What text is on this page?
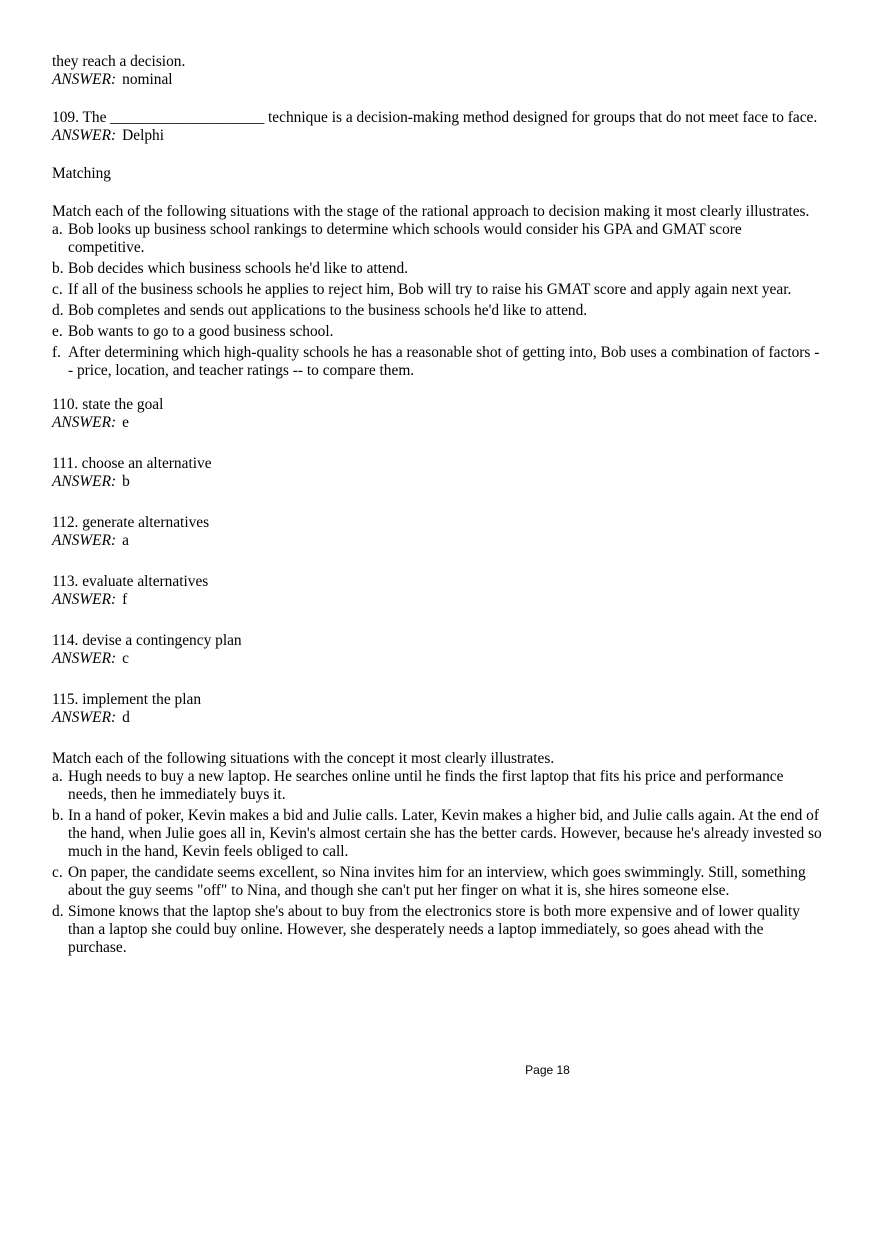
they reach a decision.

ANSWER: nominal

109. The ____________________ technique is a decision-making method designed for groups that do not meet face to face.

ANSWER: Delphi

Matching

Match each of the following situations with the stage of the rational approach to decision making it most clearly illustrates.

a. Bob looks up business school rankings to determine which schools would consider his GPA and GMAT score competitive.
b. Bob decides which business schools he'd like to attend.
c. If all of the business schools he applies to reject him, Bob will try to raise his GMAT score and apply again next year.
d. Bob completes and sends out applications to the business schools he'd like to attend.
e. Bob wants to go to a good business school.
f. After determining which high-quality schools he has a reasonable shot of getting into, Bob uses a combination of factors -- price, location, and teacher ratings -- to compare them.

110. state the goal

ANSWER: e

111. choose an alternative

ANSWER: b

112. generate alternatives

ANSWER: a

113. evaluate alternatives

ANSWER: f

114. devise a contingency plan

ANSWER: c

115. implement the plan

ANSWER: d

Match each of the following situations with the concept it most clearly illustrates.

a. Hugh needs to buy a new laptop. He searches online until he finds the first laptop that fits his price and performance needs, then he immediately buys it.
b. In a hand of poker, Kevin makes a bid and Julie calls. Later, Kevin makes a higher bid, and Julie calls again. At the end of the hand, when Julie goes all in, Kevin's almost certain she has the better cards. However, because he's already invested so much in the hand, Kevin feels obliged to call.
c. On paper, the candidate seems excellent, so Nina invites him for an interview, which goes swimmingly. Still, something about the guy seems "off" to Nina, and though she can't put her finger on what it is, she hires someone else.
d. Simone knows that the laptop she's about to buy from the electronics store is both more expensive and of lower quality than a laptop she could buy online. However, she desperately needs a laptop immediately, so goes ahead with the purchase.
Page 18
